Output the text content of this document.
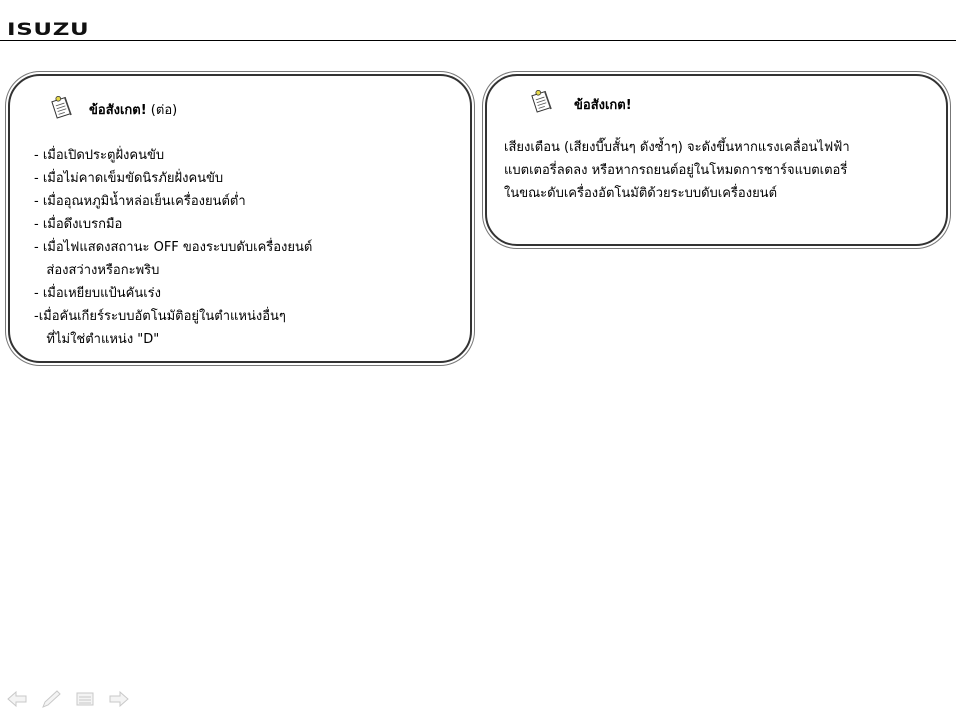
ISUZU
ข้อสังเกต! (ต่อ)
- เมื่อเปิดประตูฝั่งคนขับ
- เมื่อไม่คาดเข็มขัดนิรภัยฝั่งคนขับ
- เมื่ออุณหภูมิน้ำหล่อเย็นเครื่องยนต์ต่ำ
- เมื่อดึงเบรกมือ
- เมื่อไฟแสดงสถานะ OFF ของระบบดับเครื่องยนต์
ส่องสว่างหรือกะพริบ
- เมื่อเหยียบแป้นคันเร่ง
-เมื่อคันเกียร์ระบบอัตโนมัติอยู่ในตำแหน่งอื่นๆ
ที่ไม่ใช่ตำแหน่ง "D"
ข้อสังเกต!

เสียงเตือน (เสียงบี๊บสั้นๆ ดังซ้ำๆ) จะดังขึ้นหากแรงเคลื่อนไฟฟ้า
แบตเตอรี่ลดลง หรือหากรถยนต์อยู่ในโหมดการชาร์จแบตเตอรี่
ในขณะดับเครื่องอัตโนมัติด้วยระบบดับเครื่องยนต์
